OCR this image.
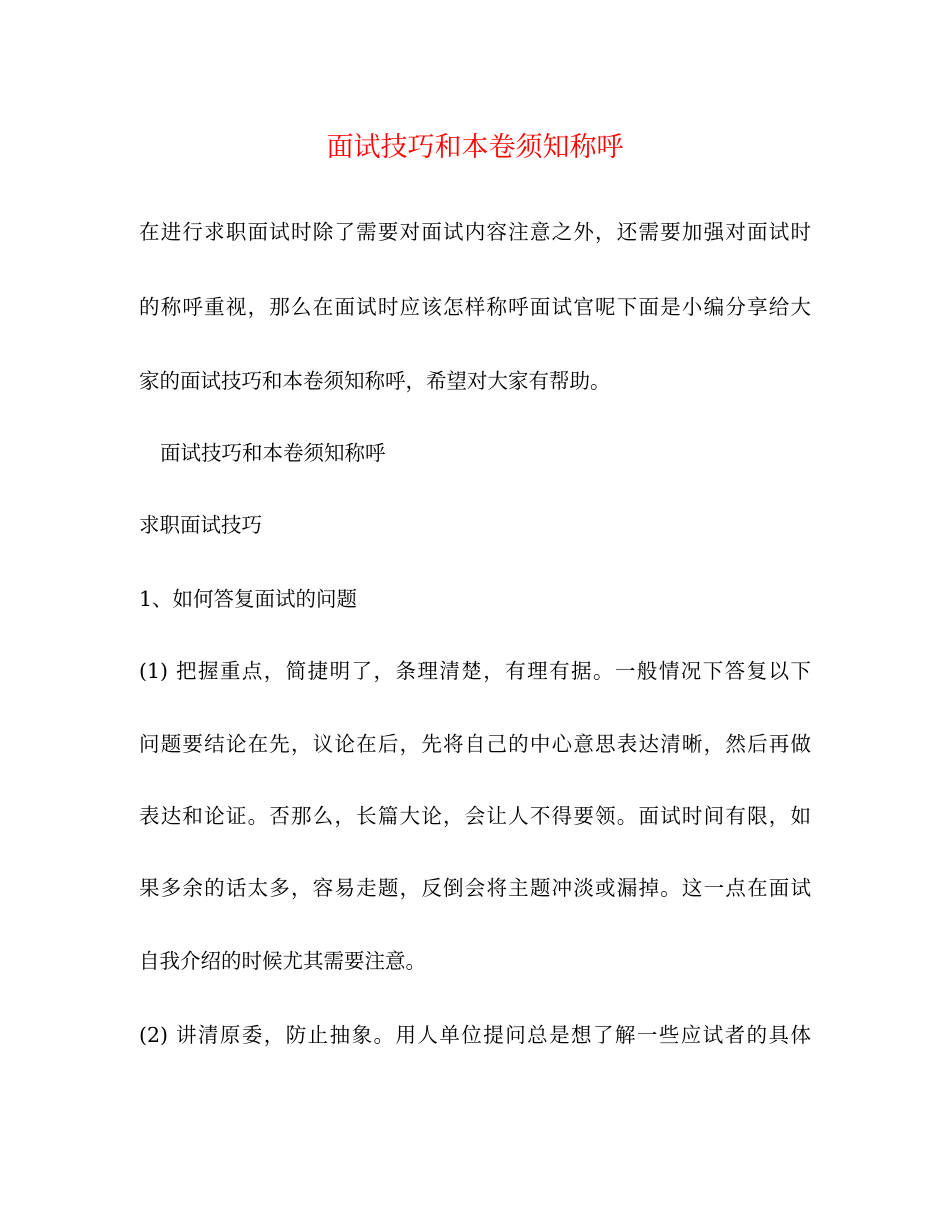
面试技巧和本卷须知称呼
在进行求职面试时除了需要对面试内容注意之外，还需要加强对面试时
的称呼重视，那么在面试时应该怎样称呼面试官呢下面是小编分享给大
家的面试技巧和本卷须知称呼，希望对大家有帮助。
面试技巧和本卷须知称呼
求职面试技巧
1、如何答复面试的问题
(1) 把握重点，简捷明了，条理清楚，有理有据。一般情况下答复以下
问题要结论在先，议论在后，先将自己的中心意思表达清晰，然后再做
表达和论证。否那么，长篇大论，会让人不得要领。面试时间有限，如
果多余的话太多，容易走题，反倒会将主题冲淡或漏掉。这一点在面试
自我介绍的时候尤其需要注意。
(2) 讲清原委，防止抽象。用人单位提问总是想了解一些应试者的具体
